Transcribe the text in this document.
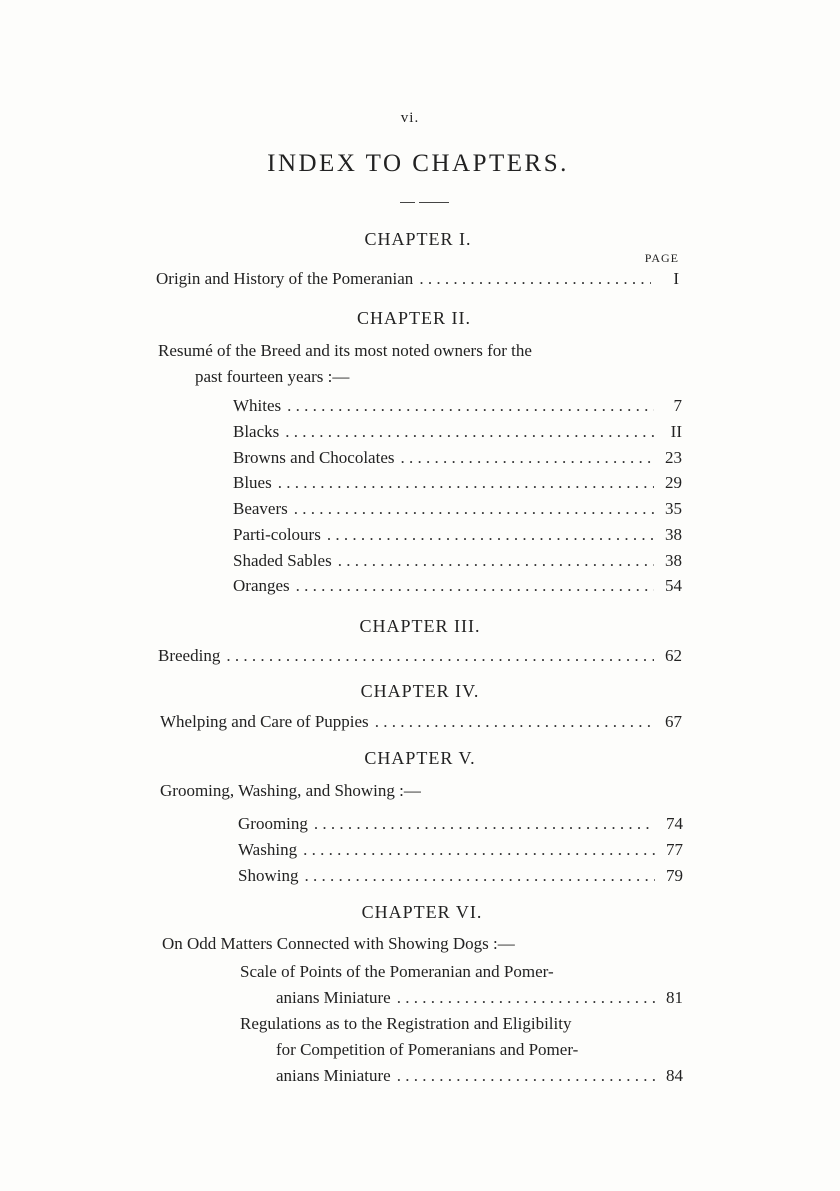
vi.
INDEX TO CHAPTERS.
CHAPTER I.
PAGE
Origin and History of the Pomeranian . . .	I
CHAPTER II.
Resumé of the Breed and its most noted owners for the
past fourteen years :—
Whites . . .	7
Blacks . . .	II
Browns and Chocolates . . .	23
Blues . . .	29
Beavers . . .	35
Parti-colours . . .	38
Shaded Sables . . .	38
Oranges . . .	54
CHAPTER III.
Breeding . . .	62
CHAPTER IV.
Whelping and Care of Puppies . . .	67
CHAPTER V.
Grooming, Washing, and Showing :—
Grooming . . .	74
Washing . . .	77
Showing . . .	79
CHAPTER VI.
On Odd Matters Connected with Showing Dogs :—
Scale of Points of the Pomeranian and Pomer-
anians Miniature . . .	81
Regulations as to the Registration and Eligibility
for Competition of Pomeranians and Pomer-
anians Miniature . . .	84
